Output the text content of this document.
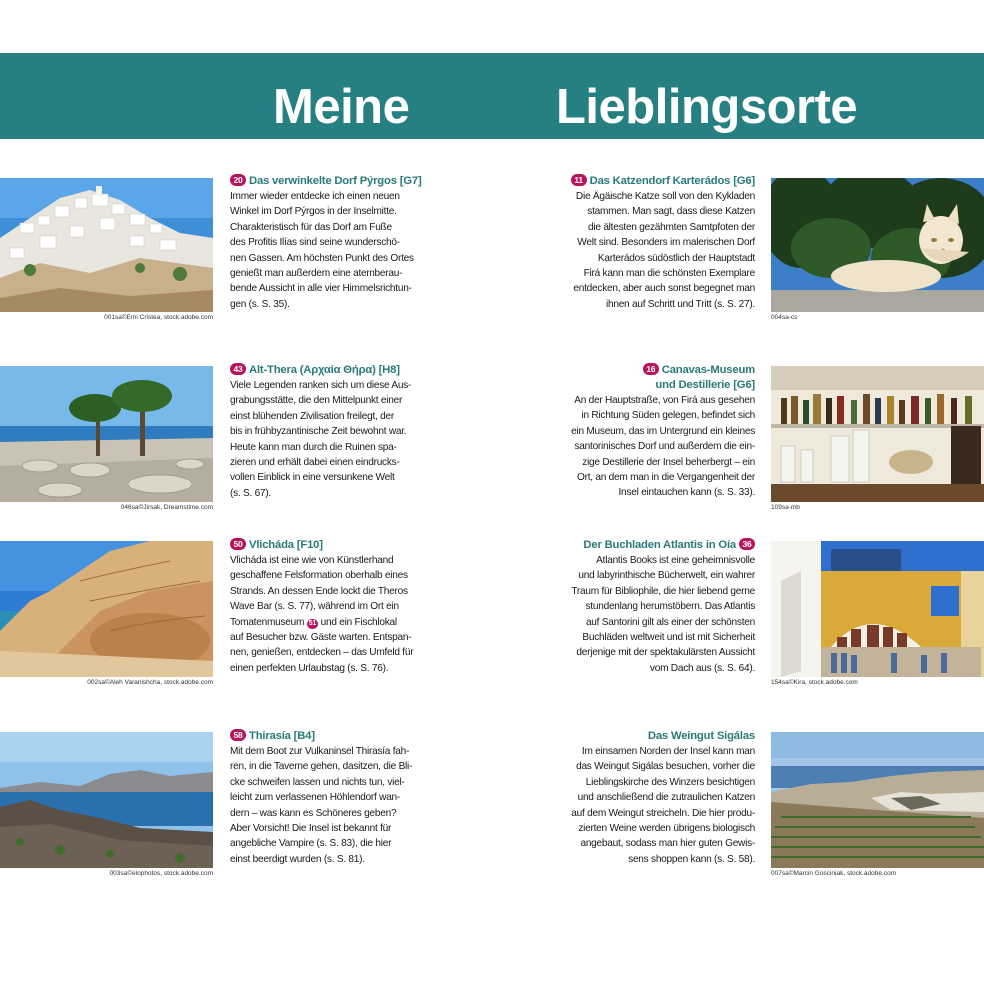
Meine	Lieblingsorte
001sa©Emi Cristea, stock.adobe.com
046sa©Jirsak, Dreamstime.com
002sa©Aleh Varanishcha, stock.adobe.com
003sa©elophotos, stock.adobe.com
004sa-cs
109sa-mb
154sa©Kira, stock.adobe.com
007sa©Marcin Gosciniak, stock.adobe.com
20 Das verwinkelte Dorf Pýrgos [G7]

Immer wieder entdecke ich einen neuen
Winkel im Dorf Pýrgos in der Inselmitte.
Charakteristisch für das Dorf am Fuße
des Profitis Ilías sind seine wunderschö-
nen Gassen. Am höchsten Punkt des Ortes
genießt man außerdem eine atemberau-
bende Aussicht in alle vier Himmelsrichtun-
gen (s. S. 35).

43 Alt-Thera (Αρχαία Θήρα) [H8]

Viele Legenden ranken sich um diese Aus-
grabungsstätte, die den Mittelpunkt einer
einst blühenden Zivilisation freilegt, der
bis in frühbyzantinische Zeit bewohnt war.
Heute kann man durch die Ruinen spa-
zieren und erhält dabei einen eindrucks-
vollen Einblick in eine versunkene Welt
(s. S. 67).

50 Vlicháda [F10]

Vlicháda ist eine wie von Künstlerhand
geschaffene Felsformation oberhalb eines
Strands. An dessen Ende lockt die Theros
Wave Bar (s. S. 77), während im Ort ein
Tomatenmuseum 51 und ein Fischlokal
auf Besucher bzw. Gäste warten. Entspan-
nen, genießen, entdecken – das Umfeld für
einen perfekten Urlaubstag (s. S. 76).

58 Thirasía [B4]

Mit dem Boot zur Vulkaninsel Thirasía fah-
ren, in die Taverne gehen, dasitzen, die Bli-
cke schweifen lassen und nichts tun, viel-
leicht zum verlassenen Höhlendorf wan-
dern – was kann es Schöneres geben?
Aber Vorsicht! Die Insel ist bekannt für
angebliche Vampire (s. S. 83), die hier
einst beerdigt wurden (s. S. 81).

11 Das Katzendorf Karterádos [G6]

Die Ägäische Katze soll von den Kykladen
stammen. Man sagt, dass diese Katzen
die ältesten gezähmten Samtpfoten der
Welt sind. Besonders im malerischen Dorf
Karterádos südöstlich der Hauptstadt
Firá kann man die schönsten Exemplare
entdecken, aber auch sonst begegnet man
ihnen auf Schritt und Tritt (s. S. 27).

16 Canavas-Museum
und Destillerie [G6]

An der Hauptstraße, von Firá aus gesehen
in Richtung Süden gelegen, befindet sich
ein Museum, das im Untergrund ein kleines
santorinisches Dorf und außerdem die ein-
zige Destillerie der Insel beherbergt – ein
Ort, an dem man in die Vergangenheit der
Insel eintauchen kann (s. S. 33).

Der Buchladen Atlantis in Oía 36

Atlantis Books ist eine geheimnisvolle
und labyrinthische Bücherwelt, ein wahrer
Traum für Bibliophile, die hier liebend gerne
stundenlang herumstöbern. Das Atlantis
auf Santorini gilt als einer der schönsten
Buchläden weltweit und ist mit Sicherheit
derjenige mit der spektakulärsten Aussicht
vom Dach aus (s. S. 64).

Das Weingut Sigálas

Im einsamen Norden der Insel kann man
das Weingut Sigálas besuchen, vorher die
Lieblingskirche des Winzers besichtigen
und anschließend die zutraulichen Katzen
auf dem Weingut streicheln. Die hier produ-
zierten Weine werden übrigens biologisch
angebaut, sodass man hier guten Gewis-
sens shoppen kann (s. S. 58).
